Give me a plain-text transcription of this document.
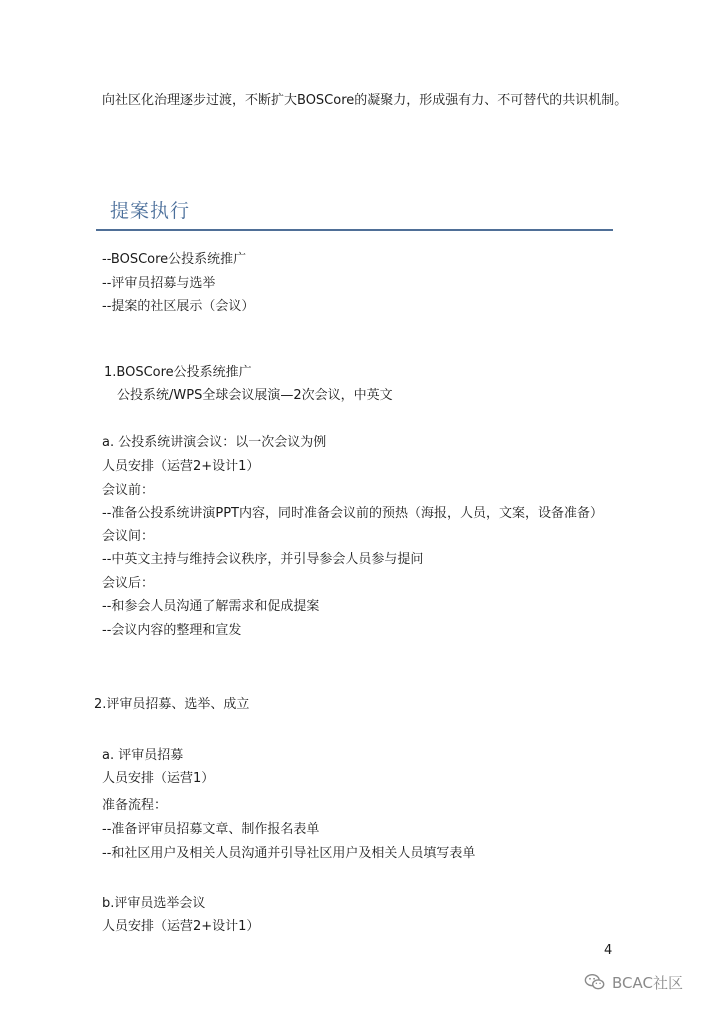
向社区化治理逐步过渡，不断扩大BOSCore的凝聚力，形成强有力、不可替代的共识机制。
提案执行
--BOSCore公投系统推广
--评审员招募与选举
--提案的社区展示（会议）
1.BOSCore公投系统推广
公投系统/WPS全球会议展演—2次会议，中英文
a. 公投系统讲演会议：以一次会议为例
人员安排（运营2+设计1）
会议前：
--准备公投系统讲演PPT内容，同时准备会议前的预热（海报，人员，文案，设备准备）
会议间：
--中英文主持与维持会议秩序，并引导参会人员参与提问
会议后：
--和参会人员沟通了解需求和促成提案
--会议内容的整理和宣发
2.评审员招募、选举、成立
a. 评审员招募
人员安排（运营1）
准备流程：
--准备评审员招募文章、制作报名表单
--和社区用户及相关人员沟通并引导社区用户及相关人员填写表单
b.评审员选举会议
人员安排（运营2+设计1）
4
BCAC社区
